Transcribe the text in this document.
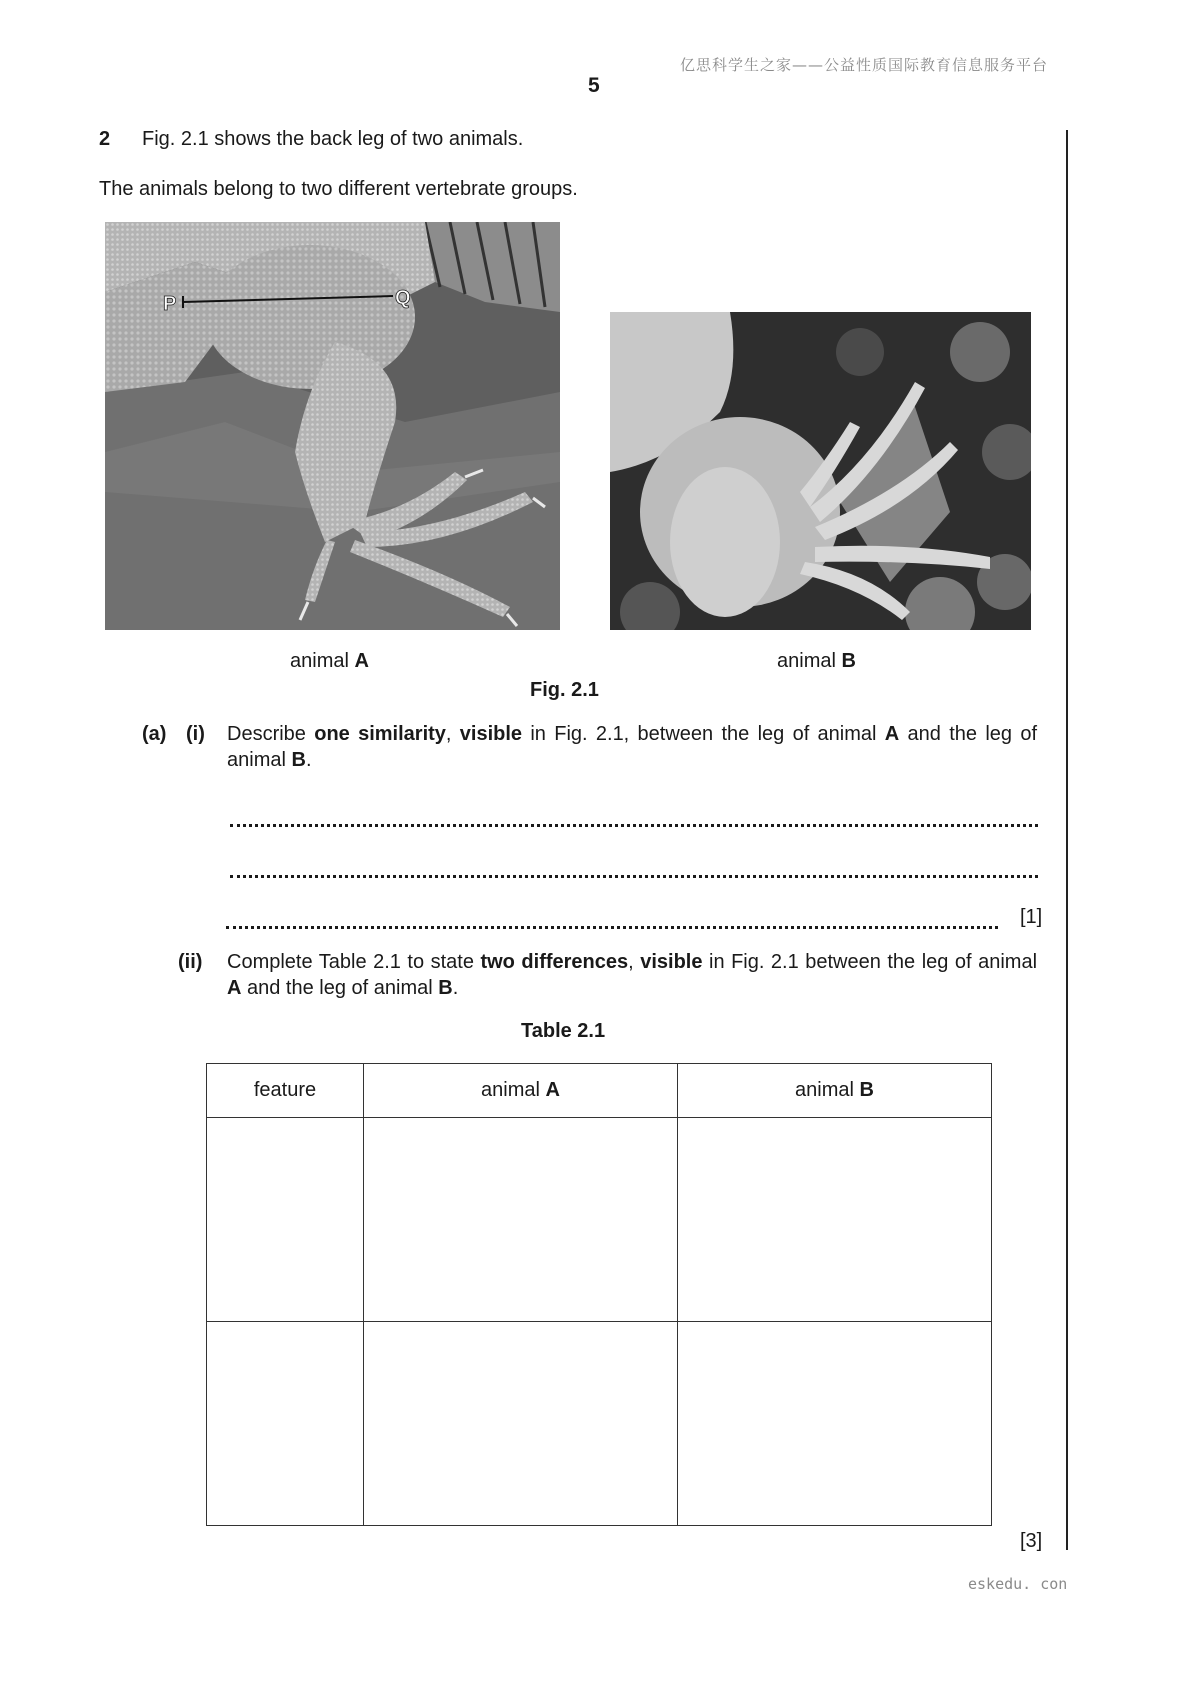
亿思科学生之家——公益性质国际教育信息服务平台
5
2 Fig. 2.1 shows the back leg of two animals.
The animals belong to two different vertebrate groups.
P	Q
animal A	animal B
Fig. 2.1
(a) (i) Describe one similarity, visible in Fig. 2.1, between the leg of animal A and the leg of animal B.
[1]
(ii) Complete Table 2.1 to state two differences, visible in Fig. 2.1 between the leg of animal A and the leg of animal B.
Table 2.1
feature	animal A	animal B

[3]
eskedu. con
